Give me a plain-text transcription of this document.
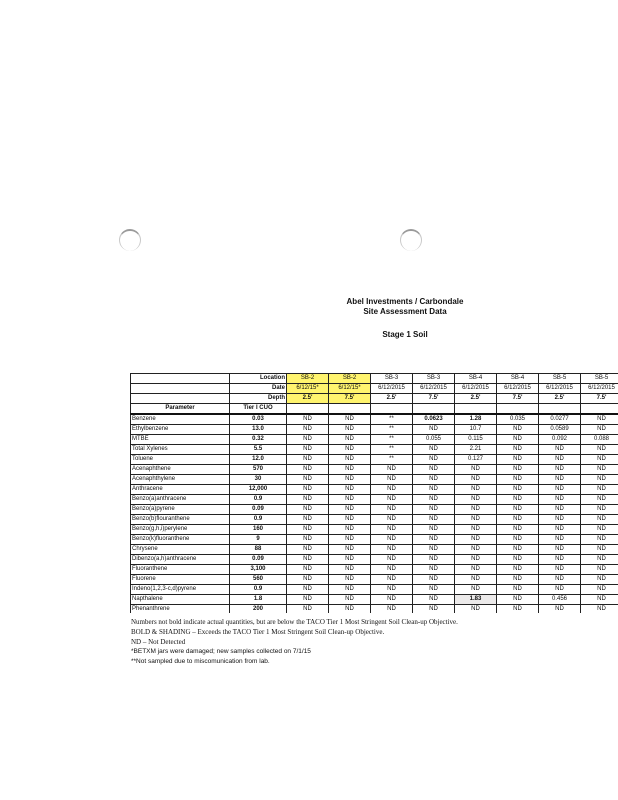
Abel Investments / Carbondale
Site Assessment Data
Stage 1 Soil
	Location	SB-2	SB-2	SB-3	SB-3	SB-4	SB-4	SB-5	SB-5	
	Date	6/12/15*	6/12/15*	6/12/2015	6/12/2015	6/12/2015	6/12/2015	6/12/2015	6/12/2015	
	Depth	2.5'	7.5'	2.5'	7.5'	2.5'	7.5'	2.5'	7.5'	
Parameter	Tier I CUO									
Benzene	0.03	ND	ND	**	0.0623	1.28	0.035	0.0277	ND	
Ethylbenzene	13.0	ND	ND	**	ND	10.7	ND	0.0589	ND	
MTBE	0.32	ND	ND	**	0.055	0.115	ND	0.092	0.088	
Total Xylenes	5.5	ND	ND	**	ND	2.21	ND	ND	ND	
Toluene	12.0	ND	ND	**	ND	0.127	ND	ND	ND	
Acenaphthene	570	ND	ND	ND	ND	ND	ND	ND	ND	
Acenaphthylene	30	ND	ND	ND	ND	ND	ND	ND	ND	
Anthracene	12,000	ND	ND	ND	ND	ND	ND	ND	ND	
Benzo(a)anthracene	0.9	ND	ND	ND	ND	ND	ND	ND	ND	
Benzo(a)pyrene	0.09	ND	ND	ND	ND	ND	ND	ND	ND	
Benzo(b)flouranthene	0.9	ND	ND	ND	ND	ND	ND	ND	ND	
Benzo(g,h,i)perylene	160	ND	ND	ND	ND	ND	ND	ND	ND	
Benzo(k)fluoranthene	9	ND	ND	ND	ND	ND	ND	ND	ND	
Chrysene	88	ND	ND	ND	ND	ND	ND	ND	ND	
Dibenzo(a,h)anthracene	0.09	ND	ND	ND	ND	ND	ND	ND	ND	
Fluoranthene	3,100	ND	ND	ND	ND	ND	ND	ND	ND	
Fluorene	560	ND	ND	ND	ND	ND	ND	ND	ND	
Indeno(1,2,3-c,d)pyrene	0.9	ND	ND	ND	ND	ND	ND	ND	ND	
Napthalene	1.8	ND	ND	ND	ND	1.83	ND	0.456	ND	
Phenanthrene	200	ND	ND	ND	ND	ND	ND	ND	ND	

Numbers not bold indicate actual quantities, but are below the TACO Tier 1 Most Stringent Soil Clean-up Objective.
BOLD & SHADING – Exceeds the TACO Tier 1 Most Stringent Soil Clean-up Objective.
ND – Not Detected
*BETXM jars were damaged; new samples collected on 7/1/15
**Not sampled due to miscomunication from lab.
